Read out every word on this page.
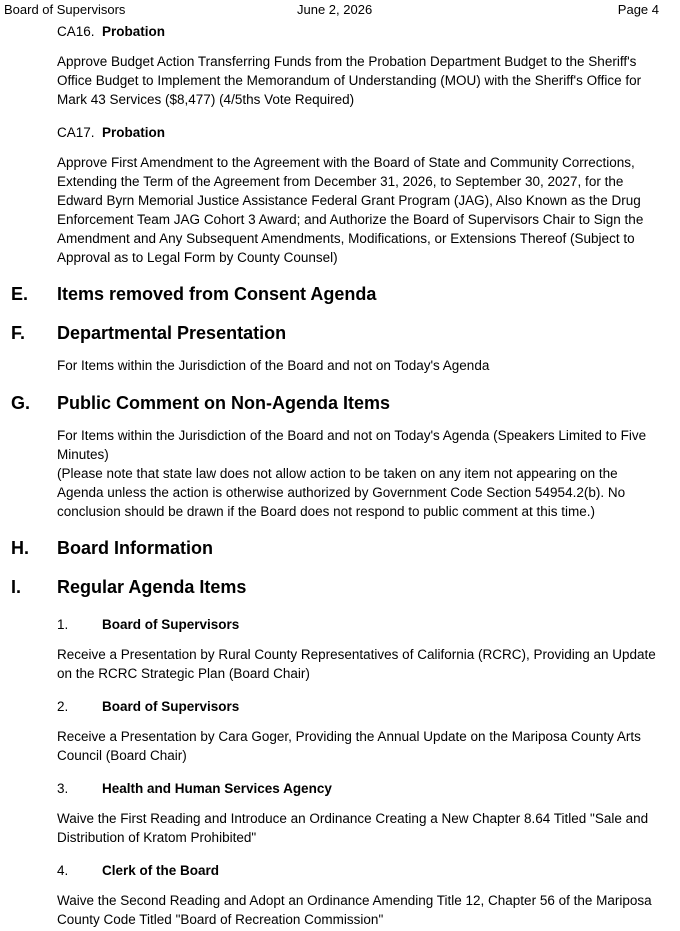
Board of Supervisors	June 2, 2026	Page 4
CA16. Probation
Approve Budget Action Transferring Funds from the Probation Department Budget to the Sheriff's Office Budget to Implement the Memorandum of Understanding (MOU) with the Sheriff's Office for Mark 43 Services ($8,477) (4/5ths Vote Required)
CA17. Probation
Approve First Amendment to the Agreement with the Board of State and Community Corrections, Extending the Term of the Agreement from December 31, 2026, to September 30, 2027, for the Edward Byrn Memorial Justice Assistance Federal Grant Program (JAG), Also Known as the Drug Enforcement Team JAG Cohort 3 Award; and Authorize the Board of Supervisors Chair to Sign the Amendment and Any Subsequent Amendments, Modifications, or Extensions Thereof (Subject to Approval as to Legal Form by County Counsel)
E. Items removed from Consent Agenda
F. Departmental Presentation
For Items within the Jurisdiction of the Board and not on Today's Agenda
G. Public Comment on Non-Agenda Items
For Items within the Jurisdiction of the Board and not on Today's Agenda (Speakers Limited to Five Minutes)
(Please note that state law does not allow action to be taken on any item not appearing on the Agenda unless the action is otherwise authorized by Government Code Section 54954.2(b). No conclusion should be drawn if the Board does not respond to public comment at this time.)
H. Board Information
I. Regular Agenda Items
1. Board of Supervisors
Receive a Presentation by Rural County Representatives of California (RCRC), Providing an Update on the RCRC Strategic Plan (Board Chair)
2. Board of Supervisors
Receive a Presentation by Cara Goger, Providing the Annual Update on the Mariposa County Arts Council (Board Chair)
3. Health and Human Services Agency
Waive the First Reading and Introduce an Ordinance Creating a New Chapter 8.64 Titled "Sale and Distribution of Kratom Prohibited"
4. Clerk of the Board
Waive the Second Reading and Adopt an Ordinance Amending Title 12, Chapter 56 of the Mariposa County Code Titled "Board of Recreation Commission"
